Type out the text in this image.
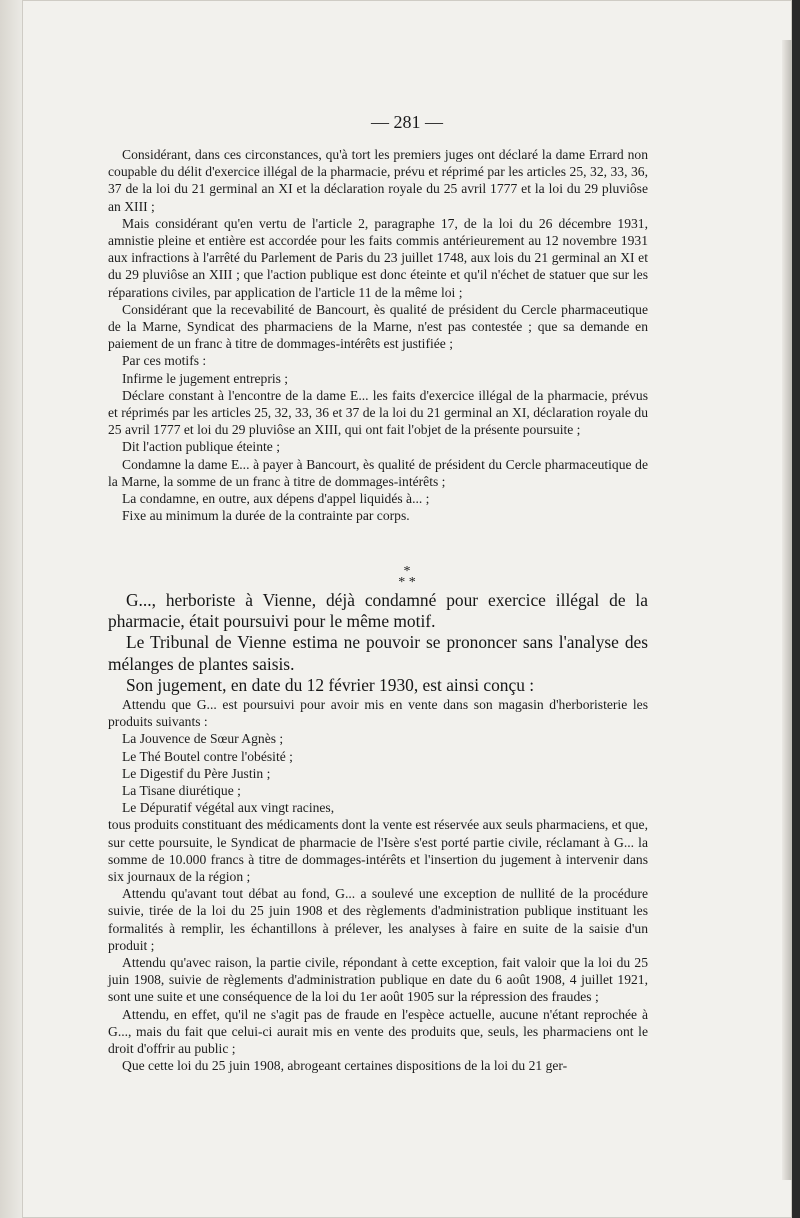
— 281 —

Considérant, dans ces circonstances, qu'à tort les premiers juges ont déclaré la dame Errard non coupable du délit d'exercice illégal de la pharmacie, prévu et réprimé par les articles 25, 32, 33, 36, 37 de la loi du 21 germinal an XI et la déclaration royale du 25 avril 1777 et la loi du 29 pluviôse an XIII ;

Mais considérant qu'en vertu de l'article 2, paragraphe 17, de la loi du 26 décembre 1931, amnistie pleine et entière est accordée pour les faits commis antérieurement au 12 novembre 1931 aux infractions à l'arrêté du Parlement de Paris du 23 juillet 1748, aux lois du 21 germinal an XI et du 29 pluviôse an XIII ; que l'action publique est donc éteinte et qu'il n'échet de statuer que sur les réparations civiles, par application de l'article 11 de la même loi ;

Considérant que la recevabilité de Bancourt, ès qualité de président du Cercle pharmaceutique de la Marne, Syndicat des pharmaciens de la Marne, n'est pas contestée ; que sa demande en paiement de un franc à titre de dommages-intérêts est justifiée ;

Par ces motifs :

Infirme le jugement entrepris ;

Déclare constant à l'encontre de la dame E... les faits d'exercice illégal de la pharmacie, prévus et réprimés par les articles 25, 32, 33, 36 et 37 de la loi du 21 germinal an XI, déclaration royale du 25 avril 1777 et loi du 29 pluviôse an XIII, qui ont fait l'objet de la présente poursuite ;

Dit l'action publique éteinte ;

Condamne la dame E... à payer à Bancourt, ès qualité de président du Cercle pharmaceutique de la Marne, la somme de un franc à titre de dommages-intérêts ;

La condamne, en outre, aux dépens d'appel liquidés à... ;

Fixe au minimum la durée de la contrainte par corps.

*
* *

G..., herboriste à Vienne, déjà condamné pour exercice illégal de la pharmacie, était poursuivi pour le même motif.

Le Tribunal de Vienne estima ne pouvoir se prononcer sans l'analyse des mélanges de plantes saisis.

Son jugement, en date du 12 février 1930, est ainsi conçu :

Attendu que G... est poursuivi pour avoir mis en vente dans son magasin d'herboristerie les produits suivants :

La Jouvence de Sœur Agnès ;

Le Thé Boutel contre l'obésité ;

Le Digestif du Père Justin ;

La Tisane diurétique ;

Le Dépuratif végétal aux vingt racines,

tous produits constituant des médicaments dont la vente est réservée aux seuls pharmaciens, et que, sur cette poursuite, le Syndicat de pharmacie de l'Isère s'est porté partie civile, réclamant à G... la somme de 10.000 francs à titre de dommages-intérêts et l'insertion du jugement à intervenir dans six journaux de la région ;

Attendu qu'avant tout débat au fond, G... a soulevé une exception de nullité de la procédure suivie, tirée de la loi du 25 juin 1908 et des règlements d'administration publique instituant les formalités à remplir, les échantillons à prélever, les analyses à faire en suite de la saisie d'un produit ;

Attendu qu'avec raison, la partie civile, répondant à cette exception, fait valoir que la loi du 25 juin 1908, suivie de règlements d'administration publique en date du 6 août 1908, 4 juillet 1921, sont une suite et une conséquence de la loi du 1er août 1905 sur la répression des fraudes ;

Attendu, en effet, qu'il ne s'agit pas de fraude en l'espèce actuelle, aucune n'étant reprochée à G..., mais du fait que celui-ci aurait mis en vente des produits que, seuls, les pharmaciens ont le droit d'offrir au public ;

Que cette loi du 25 juin 1908, abrogeant certaines dispositions de la loi du 21 ger-
